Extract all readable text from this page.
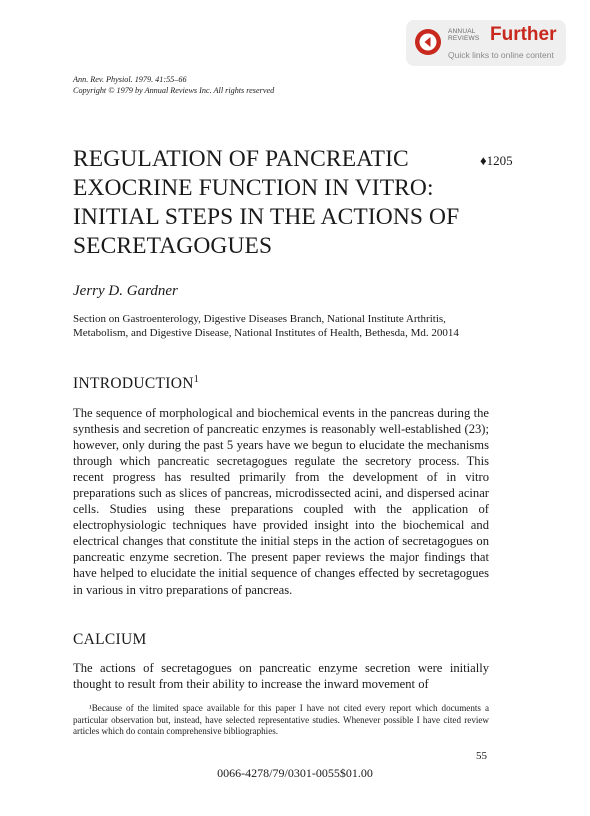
ANNUAL
REVIEWS Further
Quick links to online content
Ann. Rev. Physiol. 1979. 41:55–66
Copyright © 1979 by Annual Reviews Inc. All rights reserved
REGULATION OF PANCREATIC EXOCRINE FUNCTION IN VITRO: INITIAL STEPS IN THE ACTIONS OF SECRETAGOGUES
♦1205
Jerry D. Gardner
Section on Gastroenterology, Digestive Diseases Branch, National Institute Arthritis, Metabolism, and Digestive Disease, National Institutes of Health, Bethesda, Md. 20014
INTRODUCTION$^1$

The sequence of morphological and biochemical events in the pancreas during the synthesis and secretion of pancreatic enzymes is reasonably well-established (23); however, only during the past 5 years have we begun to elucidate the mechanisms through which pancreatic secretagogues regulate the secretory process. This recent progress has resulted primarily from the development of in vitro preparations such as slices of pancreas, microdissected acini, and dispersed acinar cells. Studies using these preparations coupled with the application of electrophysiologic techniques have provided insight into the biochemical and electrical changes that constitute the initial steps in the action of secretagogues on pancreatic enzyme secretion. The present paper reviews the major findings that have helped to elucidate the initial sequence of changes effected by secretagogues in various in vitro preparations of pancreas.

CALCIUM

The actions of secretagogues on pancreatic enzyme secretion were initially thought to result from their ability to increase the inward movement of

¹Because of the limited space available for this paper I have not cited every report which documents a particular observation but, instead, have selected representative studies. Whenever possible I have cited review articles which do contain comprehensive bibliographies.

55
0066-4278/79/0301-0055$01.00
